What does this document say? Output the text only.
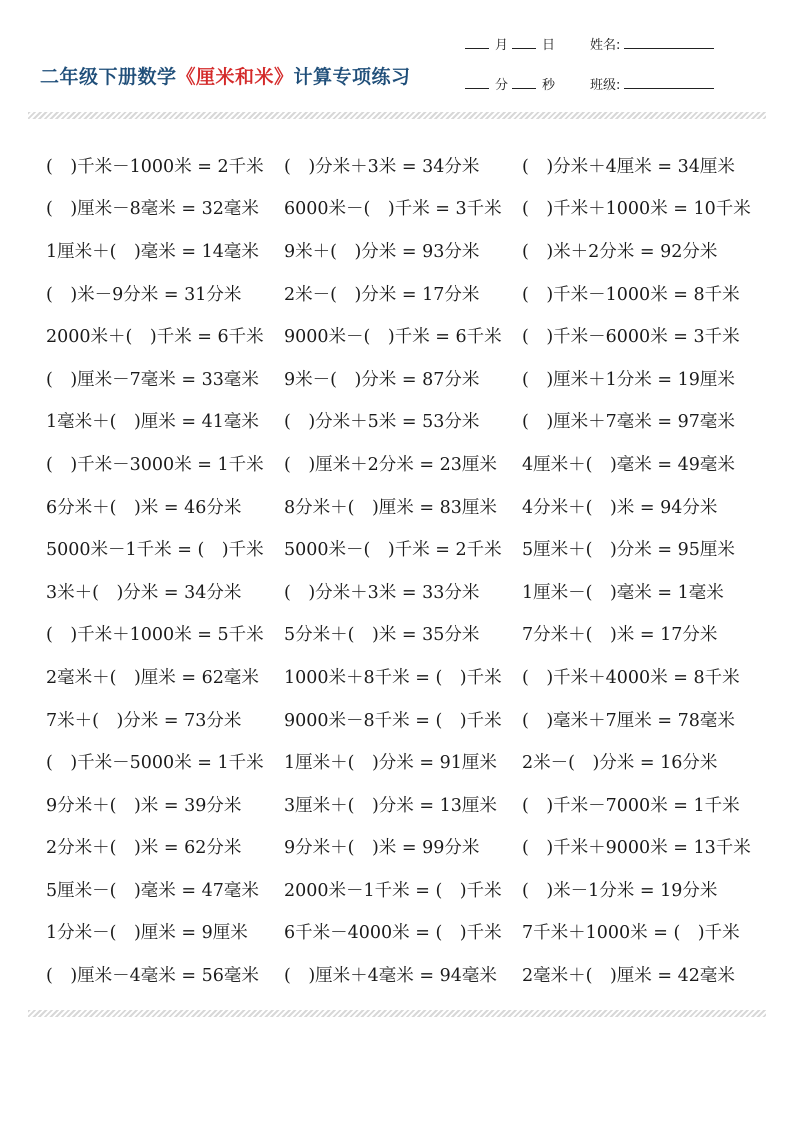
二年级下册数学《厘米和米》计算专项练习
月	日	姓名:
分	秒	班级:
(　)千米－1000米 = 2千米	(　)分米＋3米 = 34分米	(　)分米＋4厘米 = 34厘米
(　)厘米－8毫米 = 32毫米	6000米－(　)千米 = 3千米	(　)千米＋1000米 = 10千米
1厘米＋(　)毫米 = 14毫米	9米＋(　)分米 = 93分米	(　)米＋2分米 = 92分米
(　)米－9分米 = 31分米	2米－(　)分米 = 17分米	(　)千米－1000米 = 8千米
2000米＋(　)千米 = 6千米	9000米－(　)千米 = 6千米	(　)千米－6000米 = 3千米
(　)厘米－7毫米 = 33毫米	9米－(　)分米 = 87分米	(　)厘米＋1分米 = 19厘米
1毫米＋(　)厘米 = 41毫米	(　)分米＋5米 = 53分米	(　)厘米＋7毫米 = 97毫米
(　)千米－3000米 = 1千米	(　)厘米＋2分米 = 23厘米	4厘米＋(　)毫米 = 49毫米
6分米＋(　)米 = 46分米	8分米＋(　)厘米 = 83厘米	4分米＋(　)米 = 94分米
5000米－1千米 = (　)千米	5000米－(　)千米 = 2千米	5厘米＋(　)分米 = 95厘米
3米＋(　)分米 = 34分米	(　)分米＋3米 = 33分米	1厘米－(　)毫米 = 1毫米
(　)千米＋1000米 = 5千米	5分米＋(　)米 = 35分米	7分米＋(　)米 = 17分米
2毫米＋(　)厘米 = 62毫米	1000米＋8千米 = (　)千米	(　)千米＋4000米 = 8千米
7米＋(　)分米 = 73分米	9000米－8千米 = (　)千米	(　)毫米＋7厘米 = 78毫米
(　)千米－5000米 = 1千米	1厘米＋(　)分米 = 91厘米	2米－(　)分米 = 16分米
9分米＋(　)米 = 39分米	3厘米＋(　)分米 = 13厘米	(　)千米－7000米 = 1千米
2分米＋(　)米 = 62分米	9分米＋(　)米 = 99分米	(　)千米＋9000米 = 13千米
5厘米－(　)毫米 = 47毫米	2000米－1千米 = (　)千米	(　)米－1分米 = 19分米
1分米－(　)厘米 = 9厘米	6千米－4000米 = (　)千米	7千米＋1000米 = (　)千米
(　)厘米－4毫米 = 56毫米	(　)厘米＋4毫米 = 94毫米	2毫米＋(　)厘米 = 42毫米
